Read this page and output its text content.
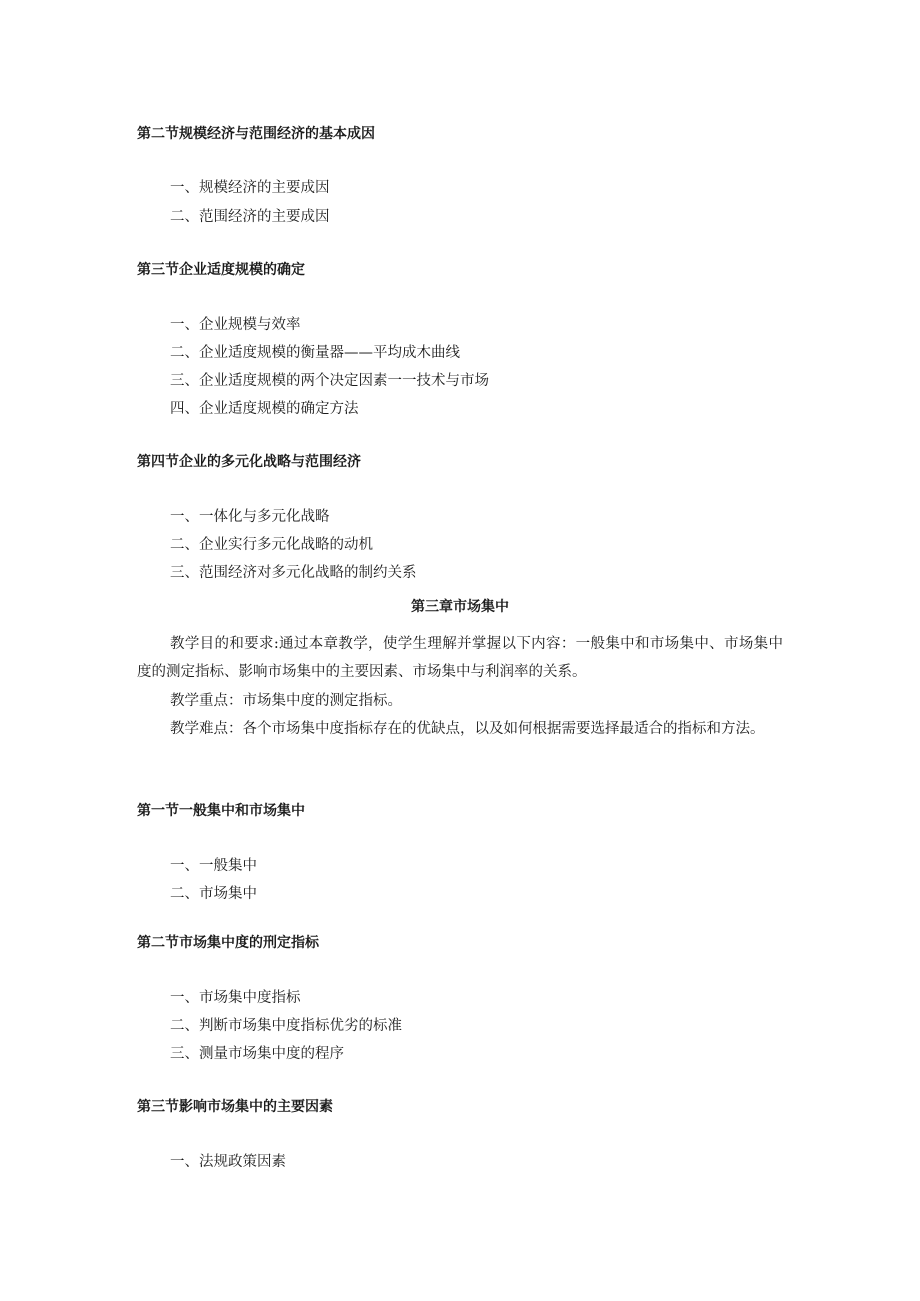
第二节规模经济与范围经济的基本成因

一、规模经济的主要成因

二、范围经济的主要成因

第三节企业适度规模的确定

一、企业规模与效率

二、企业适度规模的衡量器——平均成木曲线

三、企业适度规模的两个决定因素一一技术与市场

四、企业适度规模的确定方法

第四节企业的多元化战略与范围经济

一、一体化与多元化战略

二、企业实行多元化战略的动机

三、范围经济对多元化战略的制约关系

第三章市场集中

教学目的和要求:通过本章教学，使学生理解并掌握以下内容：一般集中和市场集中、市场集中度的测定指标、影响市场集中的主要因素、市场集中与利润率的关系。

教学重点：市场集中度的测定指标。

教学难点：各个市场集中度指标存在的优缺点，以及如何根据需要选择最适合的指标和方法。

第一节一般集中和市场集中

一、一般集中

二、市场集中

第二节市场集中度的刑定指标

一、市场集中度指标

二、判断市场集中度指标优劣的标准

三、测量市场集中度的程序

第三节影响市场集中的主要因素

一、法规政策因素
